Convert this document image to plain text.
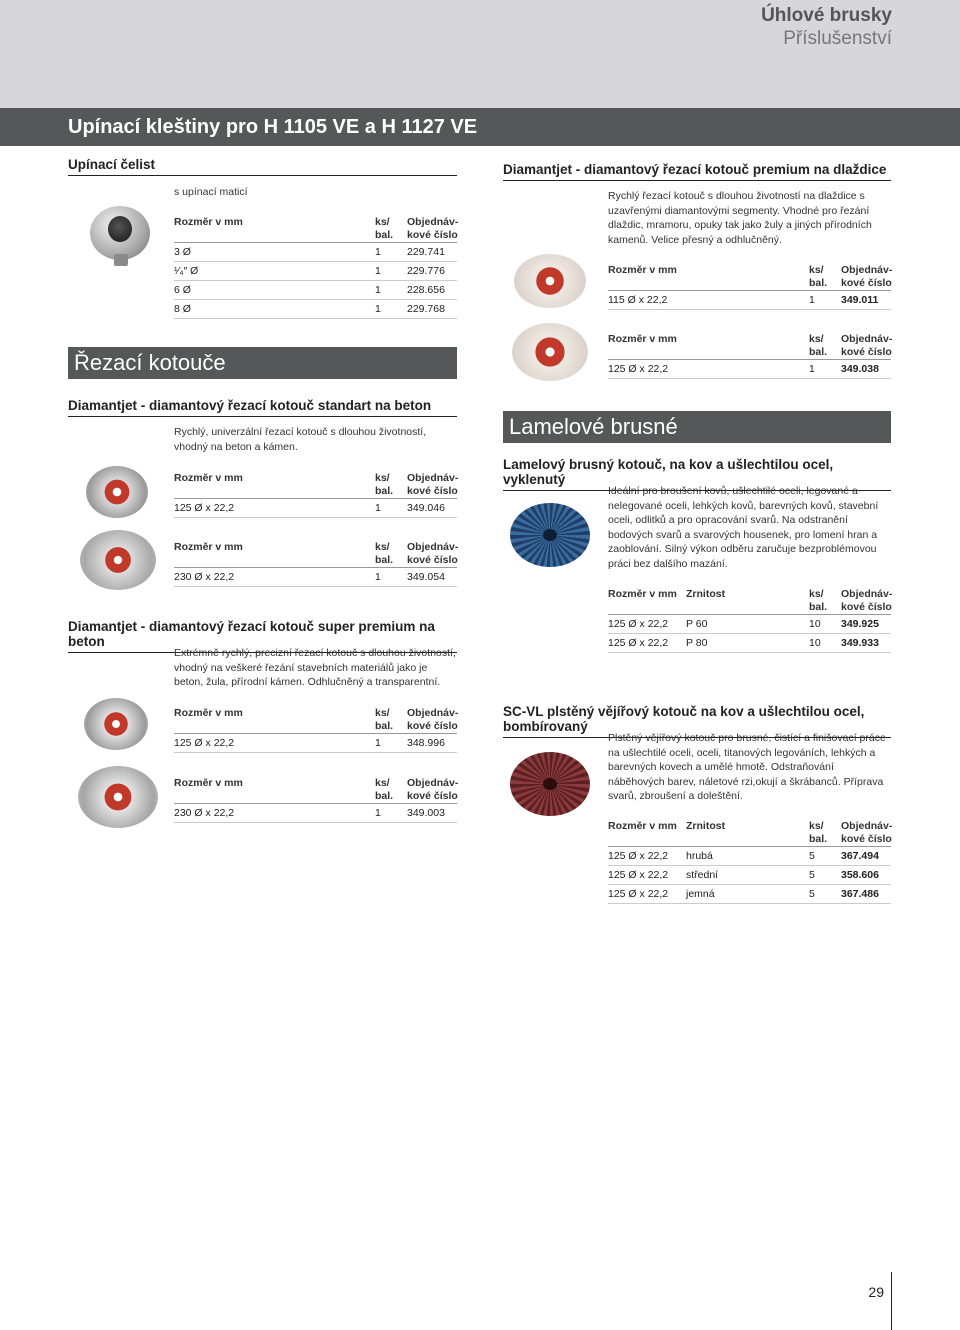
Úhlové brusky
Příslušenství
Upínací kleštiny pro H 1105 VE a H 1127 VE
Upínací čelist
s upínací maticí
Rozměr v mm	ks/
bal.
Objednáv-
kové číslo
3 Ø	1 229.741
¹⁄₄″ Ø	1 229.776
6 Ø	1 228.656
8 Ø	1 229.768
Řezací kotouče
Diamantjet - diamantový řezací kotouč standart na beton
Rychlý, univerzální řezací kotouč s dlouhou životností, vhodný na beton a kámen.
Rozměr v mm	ks/
bal.
Objednáv-
kové číslo
125 Ø x 22,2	1 349.046
Rozměr v mm	ks/
bal.
Objednáv-
kové číslo
230 Ø x 22,2	1 349.054
Diamantjet - diamantový řezací kotouč super premium na beton
Extrémně rychlý, precizní řezací kotouč s dlouhou životností, vhodný na veškeré řezání stavebních materiálů jako je beton, žula, přírodní kámen. Odhlučněný a transparentní.
Rozměr v mm	ks/
bal.
Objednáv-
kové číslo
125 Ø x 22,2	1 348.996
Rozměr v mm	ks/
bal.
Objednáv-
kové číslo
230 Ø x 22,2	1 349.003
Diamantjet - diamantový řezací kotouč premium na dlaždice
Rychlý řezací kotouč s dlouhou životností na dlaždice s uzavřenými diamantovými segmenty. Vhodné pro řezání dlaždic, mramoru, opuky tak jako žuly a jiných přírodních kamenů. Velice přesný a odhlučněný.
Rozměr v mm	ks/
bal.
Objednáv-
kové číslo
115 Ø x 22,2	1 349.011
Rozměr v mm	ks/
bal.
Objednáv-
kové číslo
125 Ø x 22,2	1 349.038
Lamelové brusné
Lamelový brusný kotouč, na kov a ušlechtilou ocel, vyklenutý
Ideální pro broušení kovů, ušlechtilé oceli, legované a nelegované oceli, lehkých kovů, barevných kovů, stavební oceli, odlitků a pro opracování svarů. Na odstranění bodových svarů a svarových housenek, pro lomení hran a zaoblování. Silný výkon odběru zaručuje bezproblémovou práci bez dalšího mazání.
Rozměr v mm Zrnitost	ks/
bal.
Objednáv-
kové číslo
125 Ø x 22,2 P 60	10 349.925
125 Ø x 22,2 P 80	10 349.933
SC-VL plstěný vějířový kotouč na kov a ušlechtilou ocel, bombírovaný
Plstěný vějířový kotouč pro brusné, čistící a finišovací práce na ušlechtilé oceli, oceli, titanových legováních, lehkých a barevných kovech a umělé hmotě. Odstraňování náběhových barev, náletové rzi,okují a škrábanců. Příprava svarů, zbroušení a doleštění.
Rozměr v mm Zrnitost	ks/
bal.
Objednáv-
kové číslo
125 Ø x 22,2 hrubá	5 367.494
125 Ø x 22,2 střední	5 358.606
125 Ø x 22,2 jemná	5 367.486
29
